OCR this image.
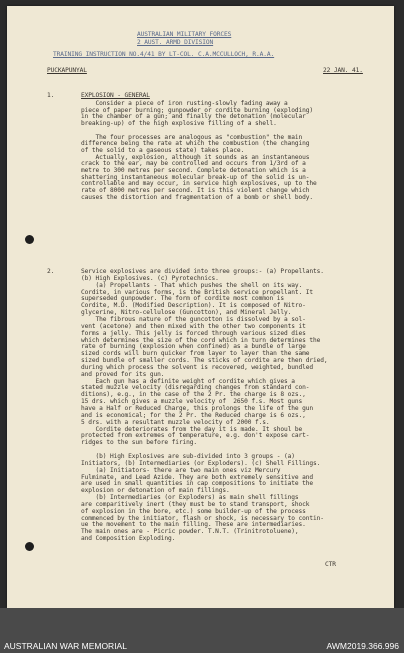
AUSTRALIAN MILITARY FORCES
2 AUST. ARMD DIVISION
TRAINING INSTRUCTION NO.4/41 BY LT-COL. C.A.MCCULLOCH, R.A.A.
PUCKAPUNYAL	22 JAN. 41.
1.	EXPLOSION - GENERAL
Consider a piece of iron rusting-slowly fading away a
piece of paper burning; gunpowder or cordite burning (exploding)
in the chamber of a gun; and finally the detonation (molecular
breaking-up) of the high explosive filling of a shell.
The four processes are analogous as "combustion" the main
difference being the rate at which the combustion (the changing
of the solid to a gaseous state) takes place.
Actually, explosion, although it sounds as an instantaneous
crack to the ear, may be controlled and occurs from 1/3rd of a
metre to 300 metres per second. Complete detonation which is a
shattering instantaneous molecular break-up of the solid is un-
controllable and may occur, in service high explosives, up to the
rate of 8000 metres per second. It is this violent change which
causes the distortion and fragmentation of a bomb or shell body.
2.	Service explosives are divided into three groups:- (a) Propellants.
(b) High Explosives. (c) Pyrotechnics.
(a) Propellants - That which pushes the shell on its way.
Cordite, in various forms, is the British service propellant. It
superseded gunpowder. The form of cordite most common is
Cordite, M.D. (Modified Description). It is composed of Nitro-
glycerine, Nitro-cellulose (Guncotton), and Mineral Jelly.
The fibrous nature of the guncotton is dissolved by a sol-
vent (acetone) and then mixed with the other two components it
forms a jelly. This jelly is forced through various sized dies
which determines the size of the cord which in turn determines the
rate of burning (explosion when confined) as a bundle of large
sized cords will burn quicker from layer to layer than the same
sized bundle of smaller cords. The sticks of cordite are then dried,
during which process the solvent is recovered, weighted, bundled
and proved for its gun.
Each gun has a definite weight of cordite which gives a
stated muzzle velocity (disregarding changes from standard con-
ditions), e.g., in the case of the 2 Pr. the charge is 8 ozs.,
15 drs. which gives a muzzle velocity of  2650 f.s. Most guns
have a Half or Reduced Charge, this prolongs the life of the gun
and is economical; for the 2 Pr. the Reduced charge is 6 ozs.,
5 drs. with a resultant muzzle velocity of 2000 f.s.
Cordite deteriorates from the day it is made. It shoul be
protected from extremes of temperature, e.g. don't expose cart-
ridges to the sun before firing.
(b) High Explosives are sub-divided into 3 groups - (a)
Initiators, (b) Intermediaries (or Exploders). (c) Shell Fillings.
(a) Initiators- there are two main ones viz Mercury
Fulminate, and Lead Azide. They are both extremely sensitive and
are used in small quantities in cap compositions to initiate the
explosion or detonation of main fillings.
(b) Intermediaries (or Exploders) as main shell fillings
are comparitively inert (they must be to stand transport, shock
of explosion in the bore, etc.) some builder-up of the process
commenced by the initiator, flash or shock, is necessary to contin-
ue the movement to the main filling. These are intermediaries.
The main ones are - Picric powder. T.N.T. (Trinitrotoluene),
and Composition Exploding.
CTR
AUSTRALIAN WAR MEMORIAL	AWM2019.366.996
